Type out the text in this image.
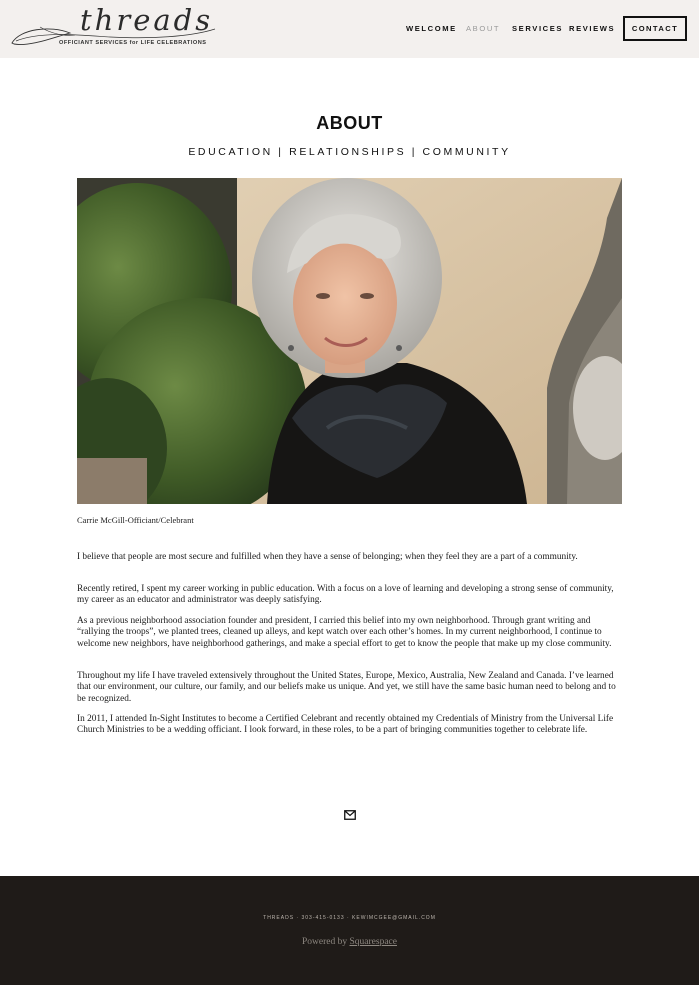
threads
OFFICIANT SERVICES for LIFE CELEBRATIONS
WELCOME ABOUT SERVICES REVIEWS	CONTACT
ABOUT
EDUCATION | RELATIONSHIPS | COMMUNITY
Carrie McGill-Officiant/Celebrant

I believe that people are most secure and fulfilled when they have a sense of belonging; when they feel they are a part of a community.

Recently retired, I spent my career working in public education. With a focus on a love of learning and developing a strong sense of community, my career as an educator and administrator was deeply satisfying.

As a previous neighborhood association founder and president, I carried this belief into my own neighborhood. Through grant writing and “rallying the troops”, we planted trees, cleaned up alleys, and kept watch over each other’s homes. In my current neighborhood, I continue to welcome new neighbors, have neighborhood gatherings, and make a special effort to get to know the people that make up my close community.

Throughout my life I have traveled extensively throughout the United States, Europe, Mexico, Australia, New Zealand and Canada. I’ve learned that our environment, our culture, our family, and our beliefs make us unique. And yet, we still have the same basic human need to belong and to be recognized.

In 2011, I attended In-Sight Institutes to become a Certified Celebrant and recently obtained my Credentials of Ministry from the Universal Life Church Ministries to be a wedding officiant. I look forward, in these roles, to be a part of bringing communities together to celebrate life.

THREADS · 303-415-0133 · KEWIMCGEE@GMAIL.COM
Powered by Squarespace
